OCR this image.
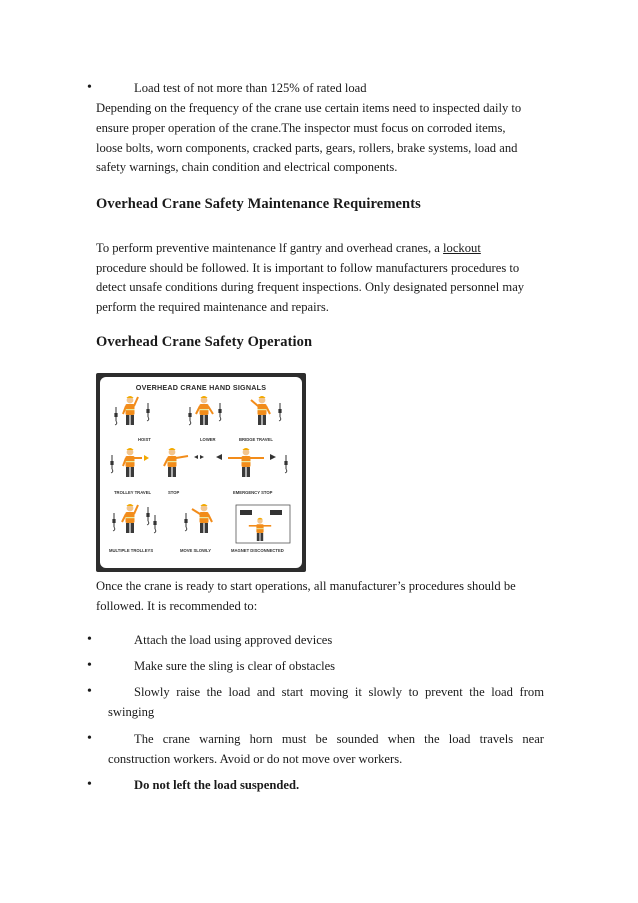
•	Load test of not more than 125% of rated load
Depending on the frequency of the crane use certain items need to inspected daily to
ensure proper operation of the crane.The inspector must focus on corroded items,
loose bolts, worn components, cracked parts, gears, rollers, brake systems, load and
safety warnings, chain condition and electrical components.
Overhead Crane Safety Maintenance Requirements
To perform preventive maintenance lf gantry and overhead cranes, a lockout
procedure should be followed. It is important to follow manufacturers procedures to
detect unsafe conditions during frequent inspections. Only designated personnel may
perform the required maintenance and repairs.
Overhead Crane Safety Operation
OVERHEAD CRANE HAND SIGNALS
HOIST	LOWER	BRIDGE TRAVEL
TROLLEY TRAVEL	STOP	EMERGENCY STOP
MULTIPLE TROLLEYS	MOVE SLOWLY	MAGNET DISCONNECTED
Once the crane is ready to start operations, all manufacturer’s procedures should be
followed. It is recommended to:
•	Attach the load using approved devices
•	Make sure the sling is clear of obstacles
•	Slowly raise the load and start moving it slowly to prevent the load from
swinging
•	The crane warning horn must be sounded when the load travels near
construction workers. Avoid or do not move over workers.
•	Do not left the load suspended.
